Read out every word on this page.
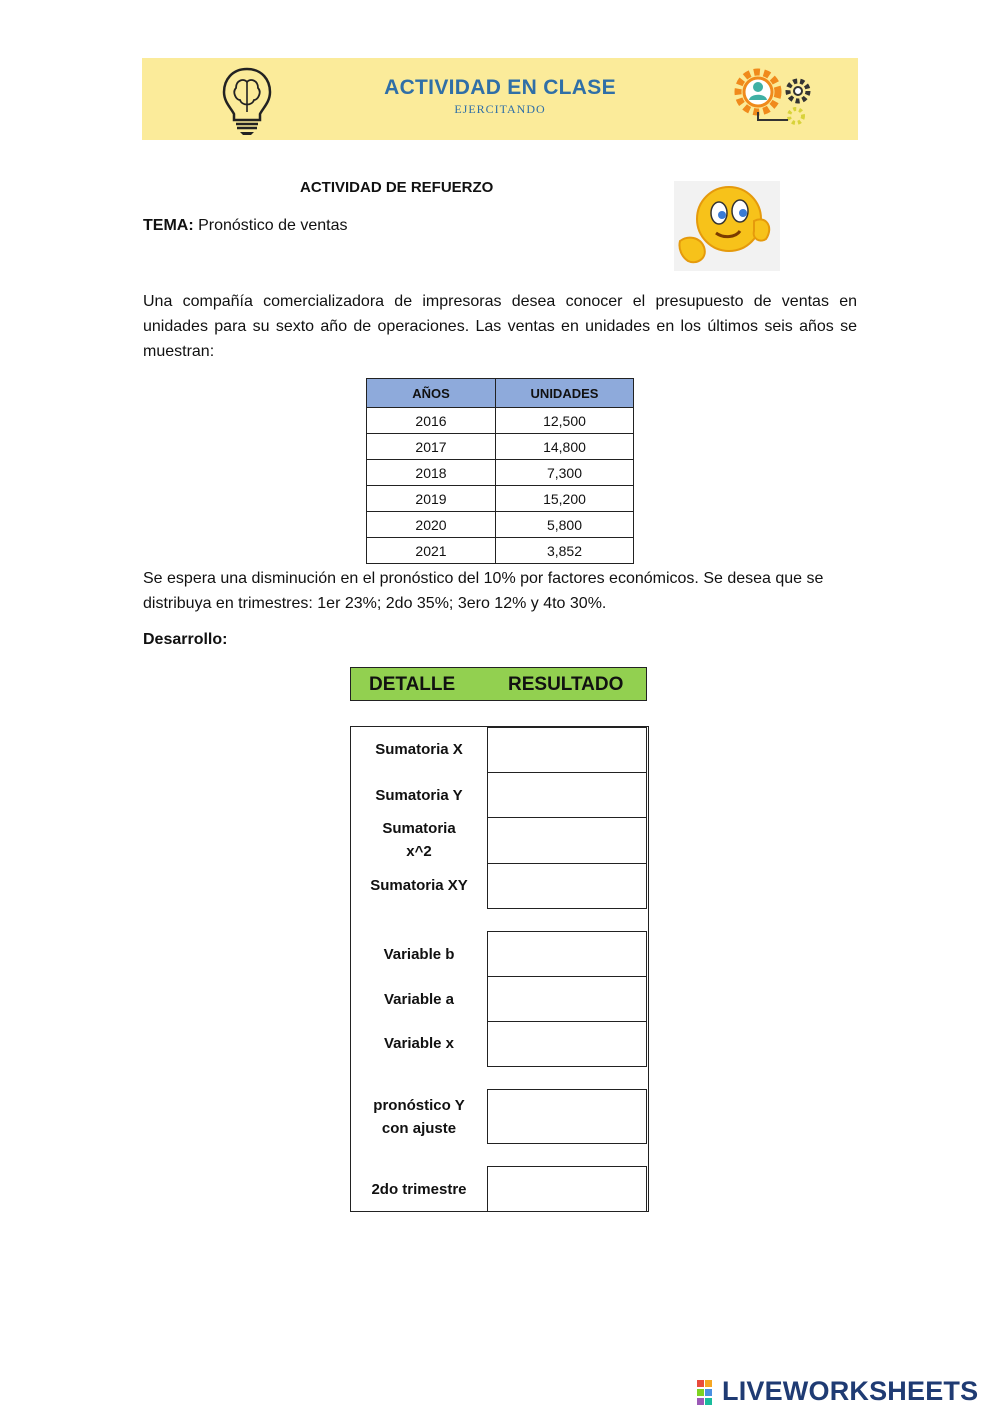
ACTIVIDAD EN CLASE
EJERCITANDO
ACTIVIDAD DE REFUERZO
TEMA: Pronóstico de ventas
Una compañía comercializadora de impresoras desea conocer el presupuesto de ventas en unidades para su sexto año de operaciones. Las ventas en unidades en los últimos seis años se muestran:
AÑOS	UNIDADES
2016	12,500
2017	14,800
2018	7,300
2019	15,200
2020	5,800
2021	3,852
Se espera una disminución en el pronóstico del 10% por factores económicos. Se desea que se distribuya en trimestres: 1er 23%; 2do 35%; 3ero 12% y 4to 30%.
Desarrollo:
DETALLE	RESULTADO
Sumatoria X
Sumatoria Y
Sumatoria x^2
Sumatoria XY
Variable b
Variable a
Variable x
pronóstico Y con ajuste
2do trimestre
LIVEWORKSHEETS
